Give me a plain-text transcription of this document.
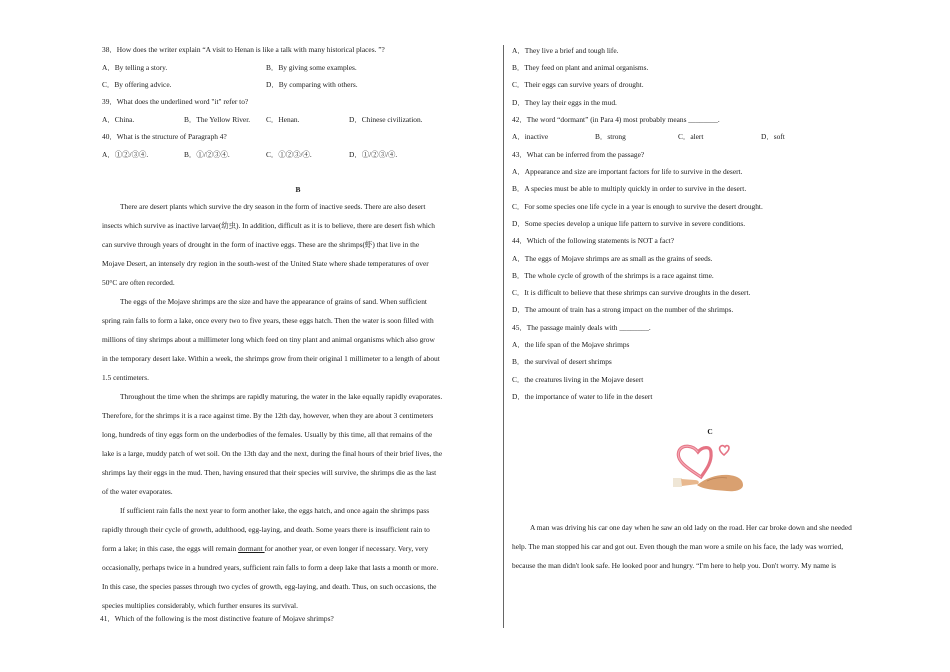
38．How does the writer explain “A visit to Henan is like a talk with many historical places. ”?
A．By telling a story.	B．By giving some examples.
C．By offering advice.	D．By comparing with others.
39．What does the underlined word "it" refer to?
A．China.	B．The Yellow River. C．Henan.	D．Chinese civilization.
40．What is the structure of Paragraph 4?
A．①②/③④.	B．①/②③④.	C．①②③/④.	D．①/②③/④.
B
There are desert plants which survive the dry season in the form of inactive seeds. There are also desert
insects which survive as inactive larvae(幼虫). In addition, difficult as it is to believe, there are desert fish which
can survive through years of drought in the form of inactive eggs. These are the shrimps(虾) that live in the
Mojave Desert, an intensely dry region in the south-west of the United State where shade temperatures of over
50°C are often recorded.
The eggs of the Mojave shrimps are the size and have the appearance of grains of sand. When sufficient
spring rain falls to form a lake, once every two to five years, these eggs hatch. Then the water is soon filled with
millions of tiny shrimps about a millimeter long which feed on tiny plant and animal organisms which also grow
in the temporary desert lake. Within a week, the shrimps grow from their original 1 millimeter to a length of about
1.5 centimeters.
Throughout the time when the shrimps are rapidly maturing, the water in the lake equally rapidly evaporates.
Therefore, for the shrimps it is a race against time. By the 12th day, however, when they are about 3 centimeters
long, hundreds of tiny eggs form on the underbodies of the females. Usually by this time, all that remains of the
lake is a large, muddy patch of wet soil. On the 13th day and the next, during the final hours of their brief lives, the
shrimps lay their eggs in the mud. Then, having ensured that their species will survive, the shrimps die as the last
of the water evaporates.
If sufficient rain falls the next year to form another lake, the eggs hatch, and once again the shrimps pass
rapidly through their cycle of growth, adulthood, egg-laying, and death. Some years there is insufficient rain to
form a lake; in this case, the eggs will remain dormant for another year, or even longer if necessary. Very, very
occasionally, perhaps twice in a hundred years, sufficient rain falls to form a deep lake that lasts a month or more.
In this case, the species passes through two cycles of growth, egg-laying, and death. Thus, on such occasions, the
species multiplies considerably, which further ensures its survival.
41．Which of the following is the most distinctive feature of Mojave shrimps?
A．They live a brief and tough life.
B．They feed on plant and animal organisms.
C．Their eggs can survive years of drought.
D．They lay their eggs in the mud.
42．The word “dormant” (in Para 4) most probably means ________.
A．inactive	B．strong	C．alert	D．soft
43．What can be inferred from the passage?
A．Appearance and size are important factors for life to survive in the desert.
B．A species must be able to multiply quickly in order to survive in the desert.
C．For some species one life cycle in a year is enough to survive the desert drought.
D．Some species develop a unique life pattern to survive in severe conditions.
44．Which of the following statements is NOT a fact?
A．The eggs of Mojave shrimps are as small as the grains of seeds.
B．The whole cycle of growth of the shrimps is a race against time.
C．It is difficult to believe that these shrimps can survive droughts in the desert.
D．The amount of train has a strong impact on the number of the shrimps.
45．The passage mainly deals with ________.
A．the life span of the Mojave shrimps
B．the survival of desert shrimps
C．the creatures living in the Mojave desert
D．the importance of water to life in the desert
C
A man was driving his car one day when he saw an old lady on the road. Her car broke down and she needed
help. The man stopped his car and got out. Even though the man wore a smile on his face, the lady was worried,
because the man didn't look safe. He looked poor and hungry. “I'm here to help you. Don't worry. My name is
